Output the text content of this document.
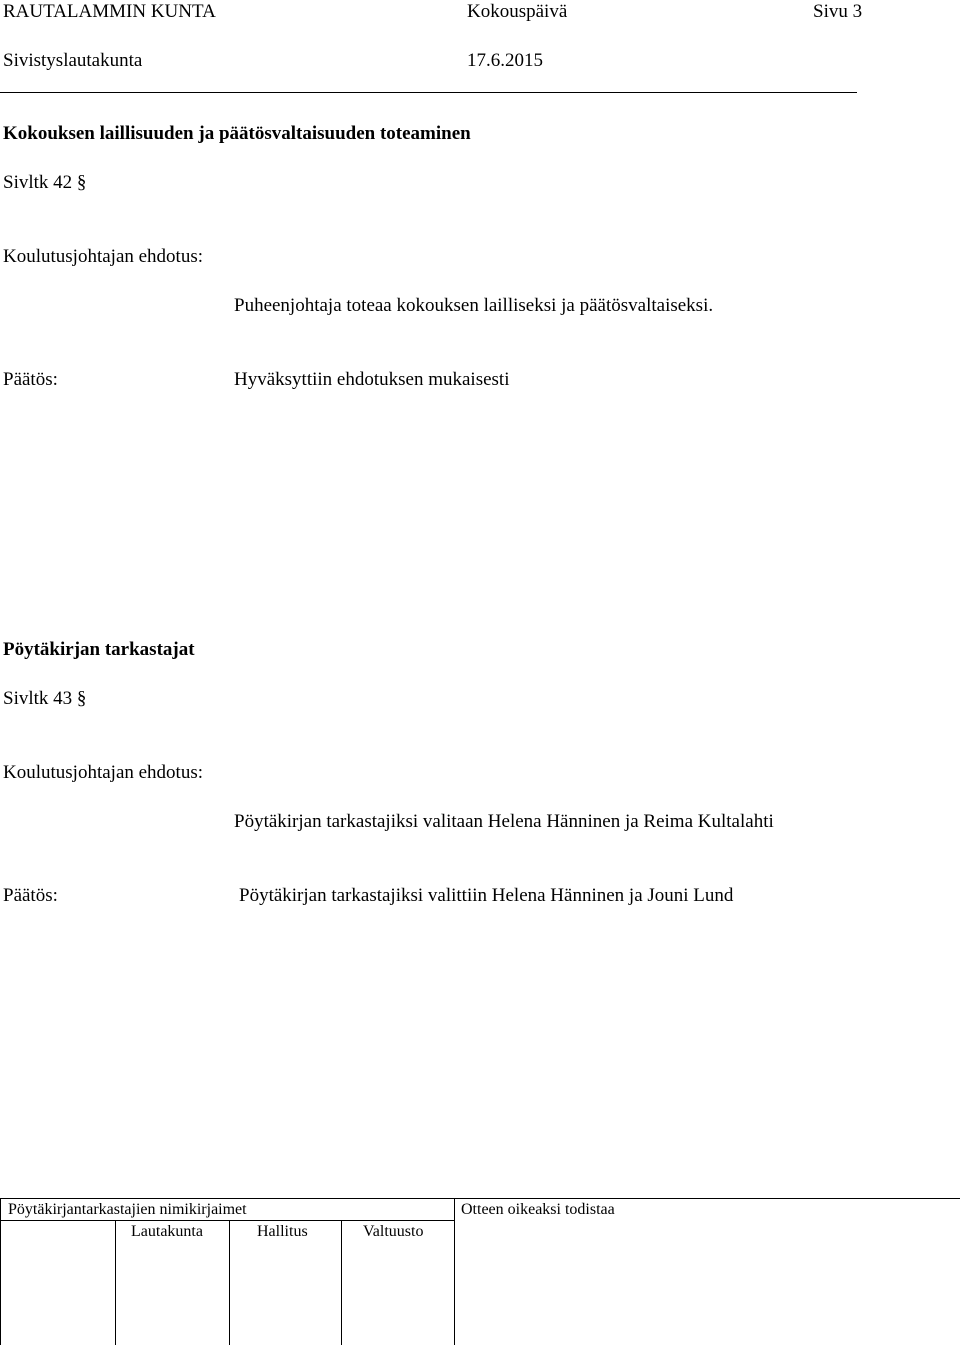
RAUTALAMMIN KUNTA	Kokouspäivä	Sivu 3
Sivistyslautakunta	17.6.2015
Kokouksen laillisuuden ja päätösvaltaisuuden toteaminen
Sivltk 42 §
Koulutusjohtajan ehdotus:
Puheenjohtaja toteaa kokouksen lailliseksi ja päätösvaltaiseksi.
Päätös:	Hyväksyttiin ehdotuksen mukaisesti
Pöytäkirjan tarkastajat
Sivltk 43 §
Koulutusjohtajan ehdotus:
Pöytäkirjan tarkastajiksi valitaan Helena Hänninen ja Reima Kultalahti
Päätös:	Pöytäkirjan tarkastajiksi valittiin Helena Hänninen ja Jouni Lund
Pöytäkirjantarkastajien nimikirjaimet	Otteen oikeaksi todistaa
Lautakunta	Hallitus	Valtuusto
